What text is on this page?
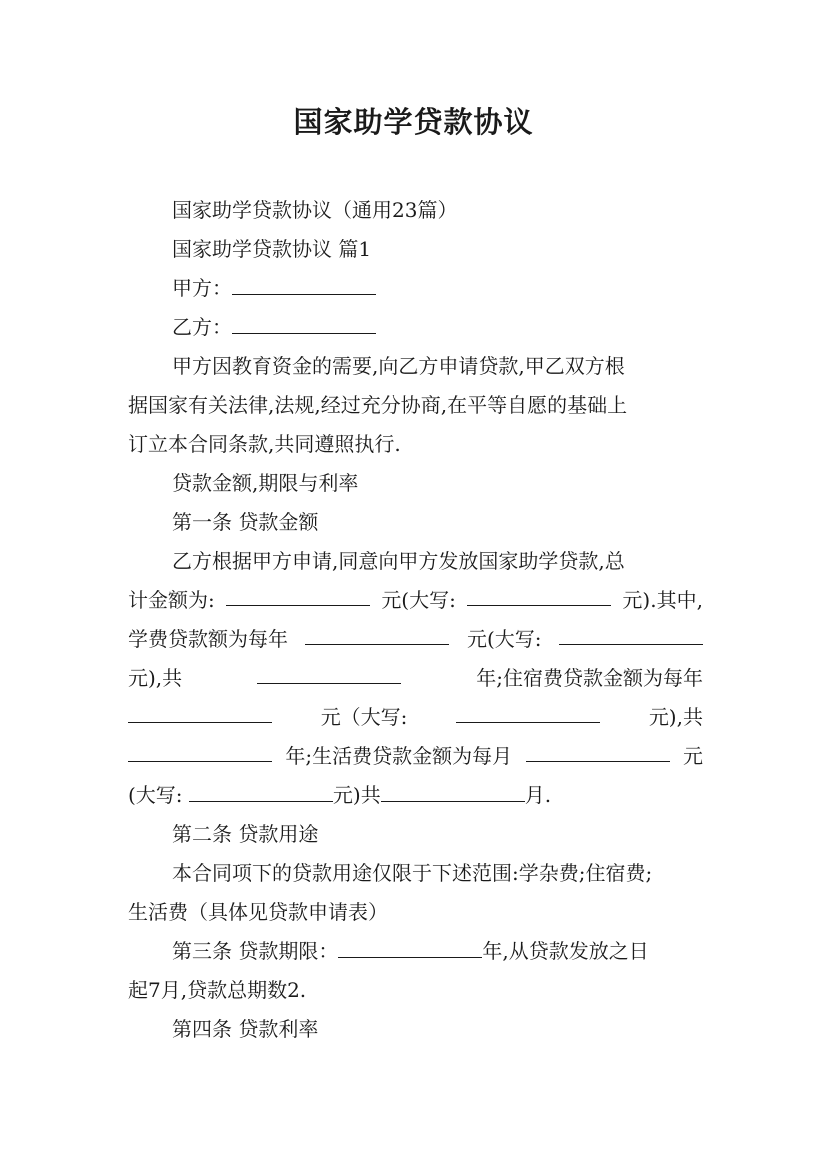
国家助学贷款协议

国家助学贷款协议（通用23篇）

国家助学贷款协议 篇1

甲方：

乙方：

甲方因教育资金的需要,向乙方申请贷款,甲乙双方根

据国家有关法律,法规,经过充分协商,在平等自愿的基础上

订立本合同条款,共同遵照执行.

贷款金额,期限与利率

第一条 贷款金额

乙方根据甲方申请,同意向甲方发放国家助学贷款,总

计金额为:	元(大写:	元).其中,

学费贷款额为每年	元(大写:

元),共	年;住宿费贷款金额为每年

元（大写:	元),共

年;生活费贷款金额为每月	元

(大写:	元)共	月.

第二条 贷款用途

本合同项下的贷款用途仅限于下述范围:学杂费;住宿费;

生活费（具体见贷款申请表）

第三条 贷款期限：	年,从贷款发放之日

起7月,贷款总期数2.

第四条 贷款利率
